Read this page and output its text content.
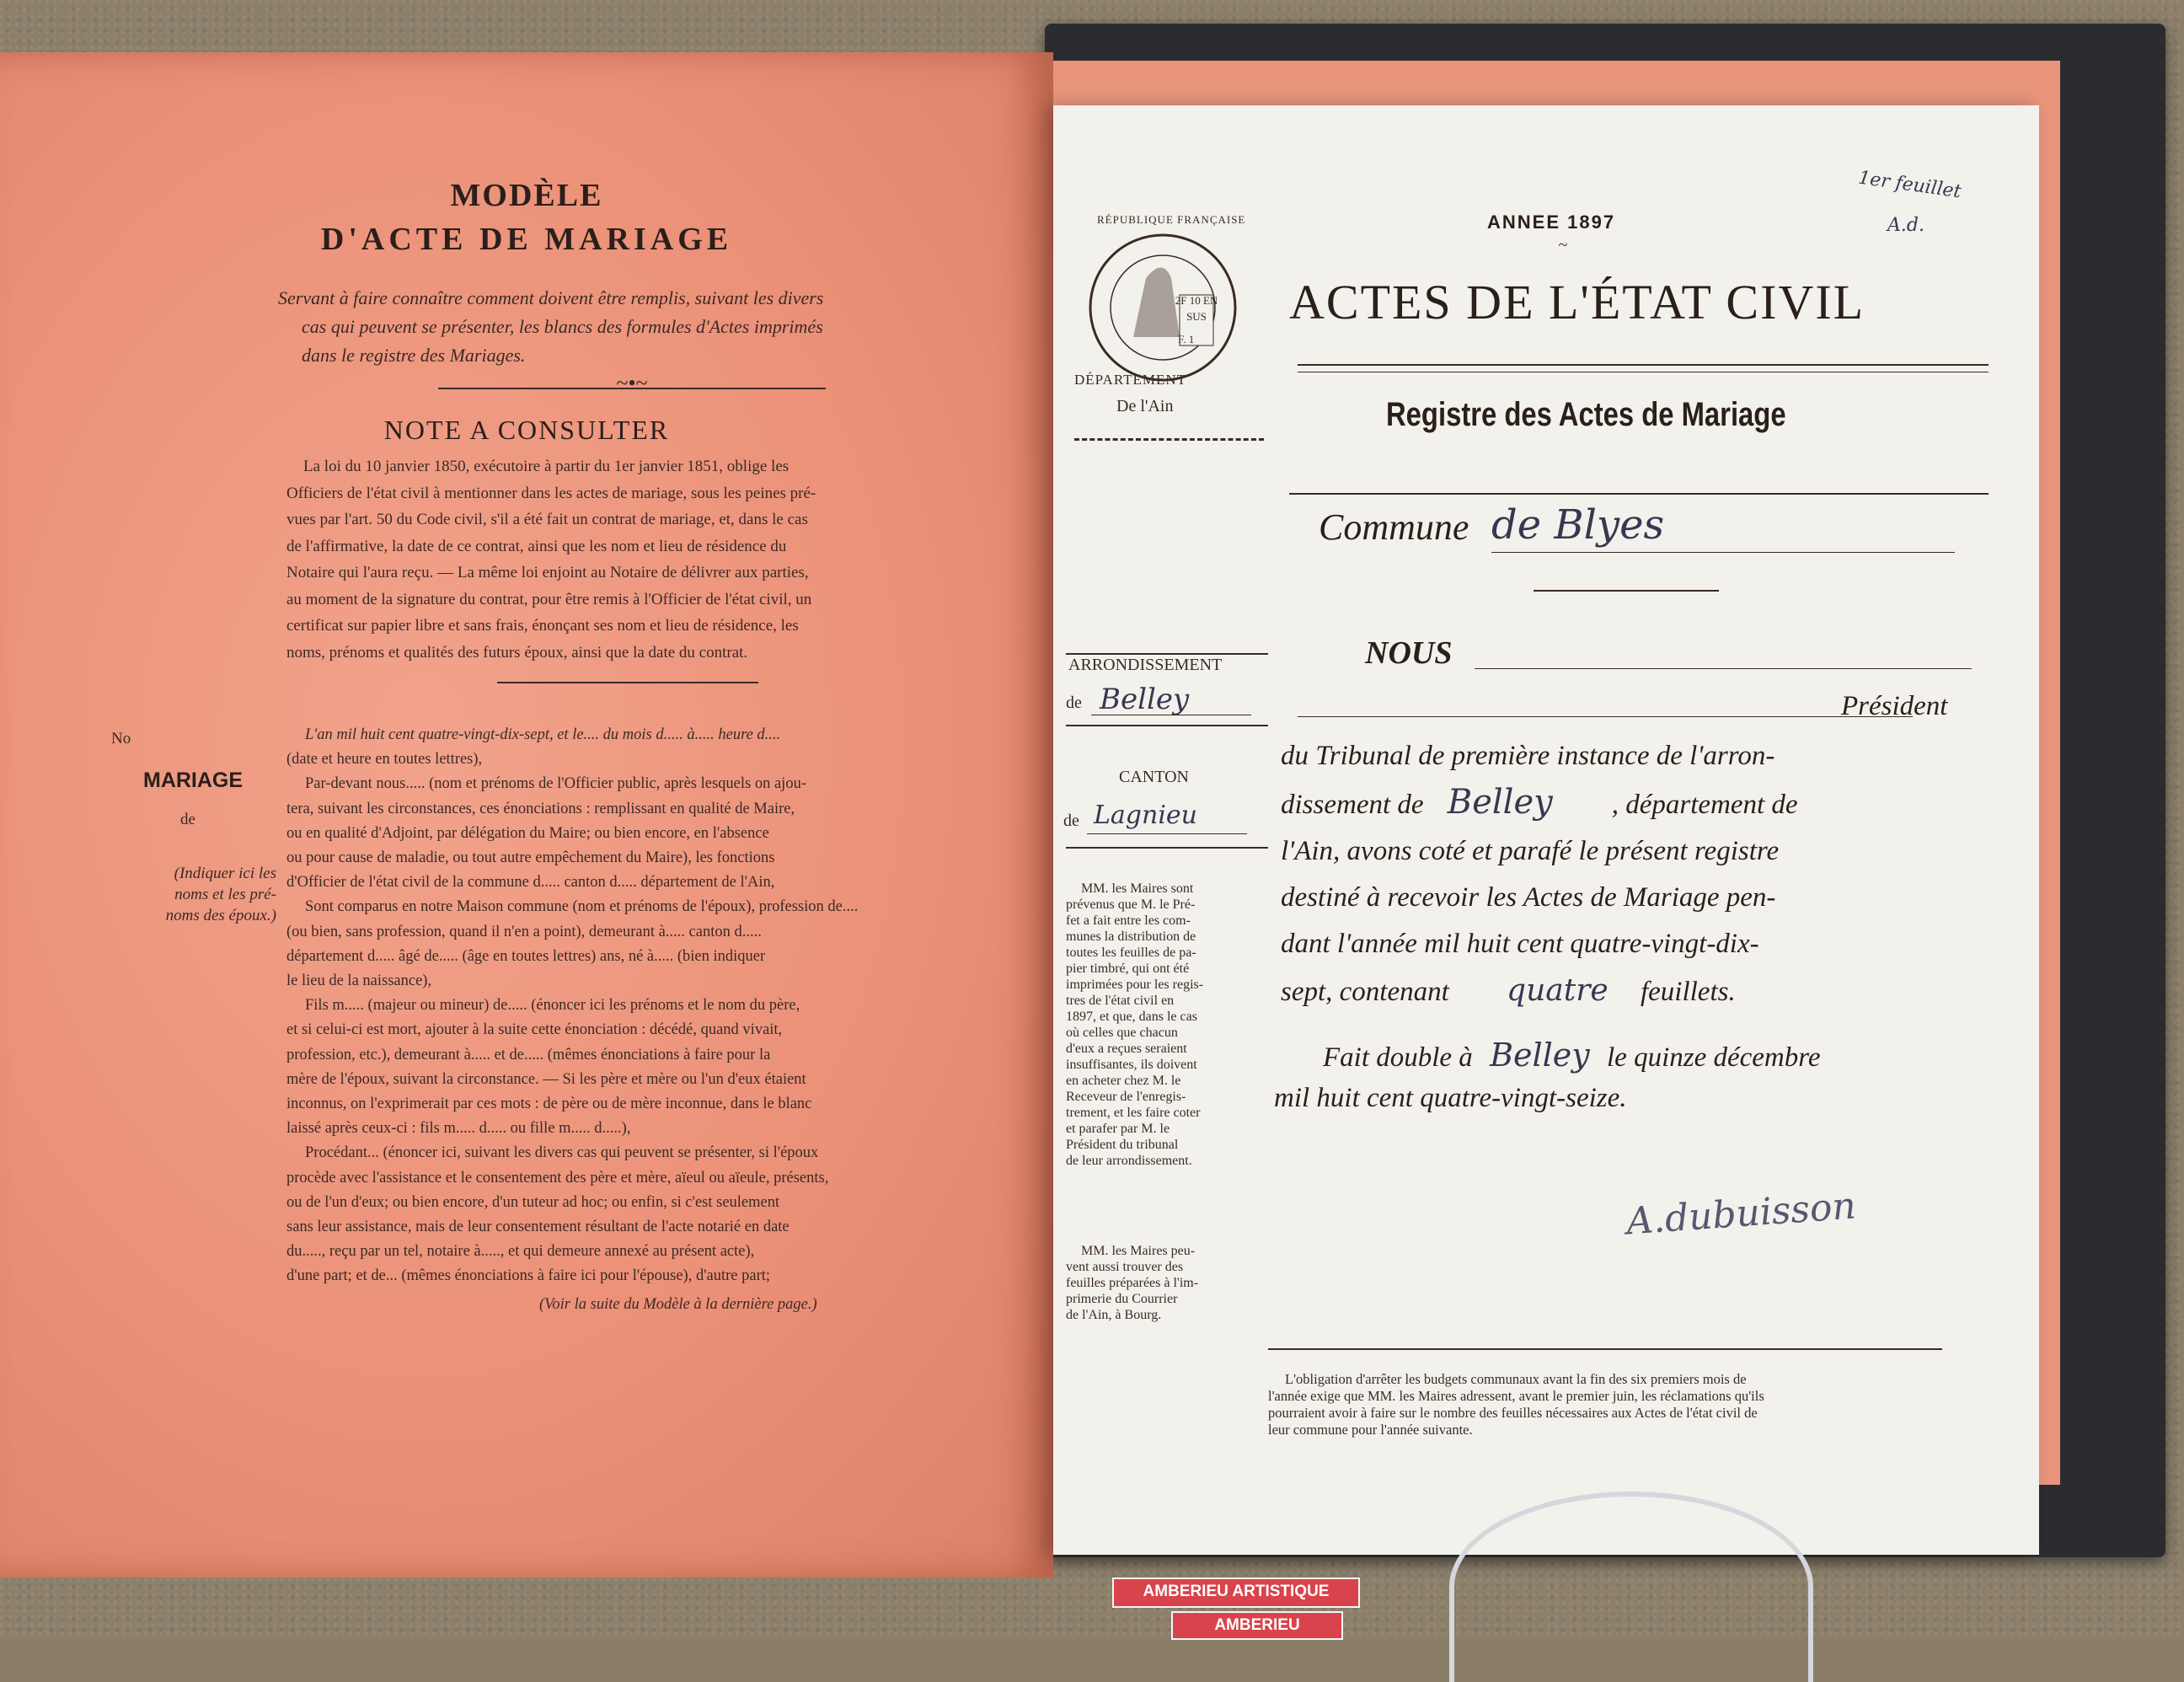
MODÈLE
D'ACTE DE MARIAGE
Servant à faire connaître comment doivent être remplis, suivant les divers
cas qui peuvent se présenter, les blancs des formules d'Actes imprimés
dans le registre des Mariages.
~•~
NOTE A CONSULTER
La loi du 10 janvier 1850, exécutoire à partir du 1er janvier 1851, oblige les
Officiers de l'état civil à mentionner dans les actes de mariage, sous les peines pré-
vues par l'art. 50 du Code civil, s'il a été fait un contrat de mariage, et, dans le cas
de l'affirmative, la date de ce contrat, ainsi que les nom et lieu de résidence du
Notaire qui l'aura reçu. — La même loi enjoint au Notaire de délivrer aux parties,
au moment de la signature du contrat, pour être remis à l'Officier de l'état civil, un
certificat sur papier libre et sans frais, énonçant ses nom et lieu de résidence, les
noms, prénoms et qualités des futurs époux, ainsi que la date du contrat.
No
MARIAGE
de
(Indiquer ici les
noms et les pré-
noms des époux.)
L'an mil huit cent quatre-vingt-dix-sept, et le.... du mois d..... à..... heure d....
(date et heure en toutes lettres),
Par-devant nous..... (nom et prénoms de l'Officier public, après lesquels on ajou-
tera, suivant les circonstances, ces énonciations : remplissant en qualité de Maire,
ou en qualité d'Adjoint, par délégation du Maire; ou bien encore, en l'absence
ou pour cause de maladie, ou tout autre empêchement du Maire), les fonctions
d'Officier de l'état civil de la commune d..... canton d..... département de l'Ain,
Sont comparus en notre Maison commune (nom et prénoms de l'époux), profession de....
(ou bien, sans profession, quand il n'en a point), demeurant à..... canton d.....
département d..... âgé de..... (âge en toutes lettres) ans, né à..... (bien indiquer
le lieu de la naissance),
Fils m..... (majeur ou mineur) de..... (énoncer ici les prénoms et le nom du père,
et si celui-ci est mort, ajouter à la suite cette énonciation : décédé, quand vivait,
profession, etc.), demeurant à..... et de..... (mêmes énonciations à faire pour la
mère de l'époux, suivant la circonstance. — Si les père et mère ou l'un d'eux étaient
inconnus, on l'exprimerait par ces mots : de père ou de mère inconnue, dans le blanc
laissé après ceux-ci : fils m..... d..... ou fille m..... d.....),
Procédant... (énoncer ici, suivant les divers cas qui peuvent se présenter, si l'époux
procède avec l'assistance et le consentement des père et mère, aïeul ou aïeule, présents,
ou de l'un d'eux; ou bien encore, d'un tuteur ad hoc; ou enfin, si c'est seulement
sans leur assistance, mais de leur consentement résultant de l'acte notarié en date
du....., reçu par un tel, notaire à....., et qui demeure annexé au présent acte),
d'une part; et de... (mêmes énonciations à faire ici pour l'épouse), d'autre part;
(Voir la suite du Modèle à la dernière page.)
1er feuillet
A.d.
ANNEE 1897
~
RÉPUBLIQUE FRANÇAISE
2F 10 EN SUS
F. 1
DÉPARTEMENT
De l'Ain
ACTES DE L'ÉTAT CIVIL
Registre des Actes de Mariage
Commune de Blyes
ARRONDISSEMENT
de Belley
CANTON
de Lagnieu
MM. les Maires sont
prévenus que M. le Pré-
fet a fait entre les com-
munes la distribution de
toutes les feuilles de pa-
pier timbré, qui ont été
imprimées pour les regis-
tres de l'état civil en
1897, et que, dans le cas
où celles que chacun
d'eux a reçues seraient
insuffisantes, ils doivent
en acheter chez M. le
Receveur de l'enregis-
trement, et les faire coter
et parafer par M. le
Président du tribunal
de leur arrondissement.
MM. les Maires peu-
vent aussi trouver des
feuilles préparées à l'im-
primerie du Courrier
de l'Ain, à Bourg.
NOUS
Président
du Tribunal de première instance de l'arron-
dissement de Belley , département de
l'Ain, avons coté et parafé le présent registre
destiné à recevoir les Actes de Mariage pen-
dant l'année mil huit cent quatre-vingt-dix-
sept, contenant quatre feuillets.
Fait double à Belley le quinze décembre
mil huit cent quatre-vingt-seize.
A.dubuisson
L'obligation d'arrêter les budgets communaux avant la fin des six premiers mois de
l'année exige que MM. les Maires adressent, avant le premier juin, les réclamations qu'ils
pourraient avoir à faire sur le nombre des feuilles nécessaires aux Actes de l'état civil de
leur commune pour l'année suivante.
AMBERIEU ARTISTIQUE
AMBERIEU
